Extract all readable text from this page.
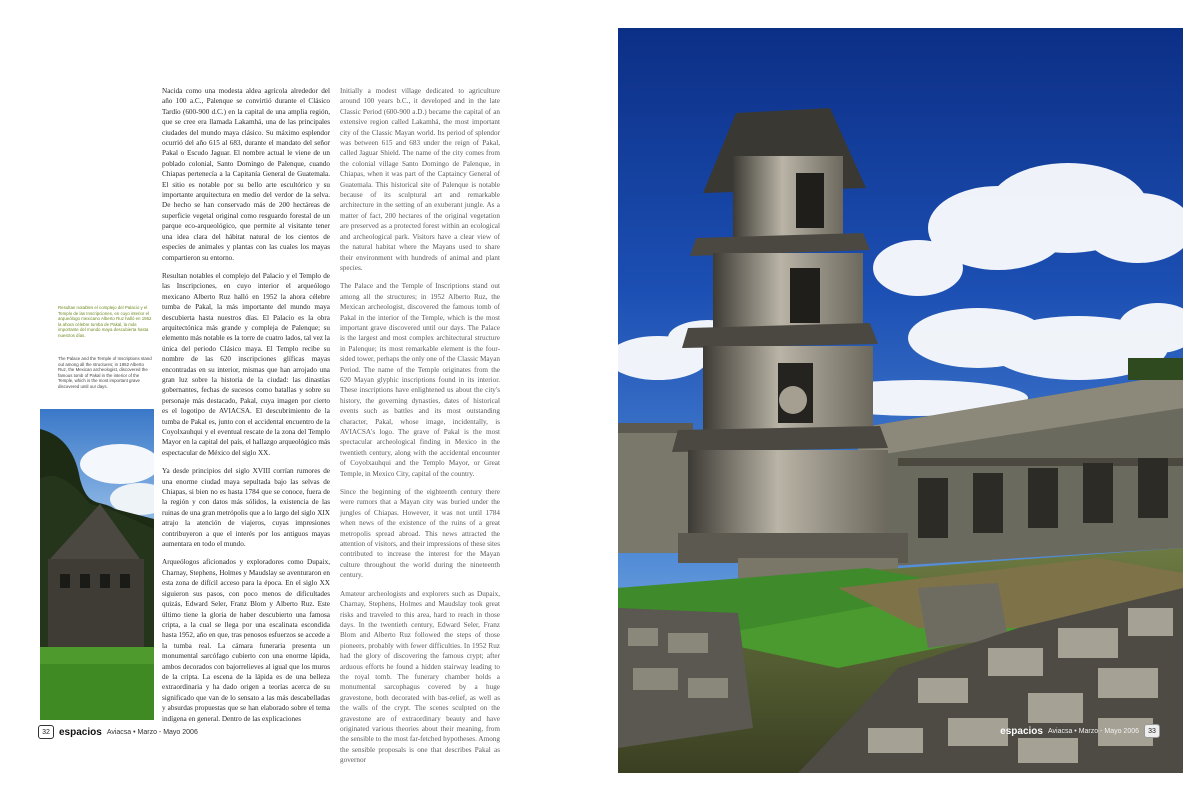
Nacida como una modesta aldea agrícola alrededor del año 100 a.C., Palenque se convirtió durante el Clásico Tardío (600-900 d.C.) en la capital de una amplia región, que se cree era llamada Lakamhá, una de las principales ciudades del mundo maya clásico. Su máximo esplendor ocurrió del año 615 al 683, durante el mandato del señor Pakal o Escudo Jaguar. El nombre actual le viene de un poblado colonial, Santo Domingo de Palenque, cuando Chiapas pertenecía a la Capitanía General de Guatemala. El sitio es notable por su bello arte escultórico y su importante arquitectura en medio del verdor de la selva. De hecho se han conservado más de 200 hectáreas de superficie vegetal original como resguardo forestal de un parque eco-arqueológico, que permite al visitante tener una idea clara del hábitat natural de los cientos de especies de animales y plantas con las cuales los mayas compartieron su entorno.

Resultan notables el complejo del Palacio y el Templo de las Inscripciones, en cuyo interior el arqueólogo mexicano Alberto Ruz halló en 1952 la ahora célebre tumba de Pakal, la más importante del mundo maya descubierta hasta nuestros días. El Palacio es la obra arquitectónica más grande y compleja de Palenque; su elemento más notable es la torre de cuatro lados, tal vez la única del periodo Clásico maya. El Templo recibe su nombre de las 620 inscripciones glíficas mayas encontradas en su interior, mismas que han arrojado una gran luz sobre la historia de la ciudad: las dinastías gobernantes, fechas de sucesos como batallas y sobre su personaje más destacado, Pakal, cuya imagen por cierto es el logotipo de AVIACSA. El descubrimiento de la tumba de Pakal es, junto con el accidental encuentro de la Coyolxauhqui y el eventual rescate de la zona del Templo Mayor en la capital del país, el hallazgo arqueológico más espectacular de México del siglo XX.

Ya desde principios del siglo XVIII corrían rumores de una enorme ciudad maya sepultada bajo las selvas de Chiapas, si bien no es hasta 1784 que se conoce, fuera de la región y con datos más sólidos, la existencia de las ruinas de una gran metrópolis que a lo largo del siglo XIX atrajo la atención de viajeros, cuyas impresiones contribuyeron a que el interés por los antiguos mayas aumentara en todo el mundo.

Arqueólogos aficionados y exploradores como Dupaix, Charnay, Stephens, Holmes y Maudslay se aventuraron en esta zona de difícil acceso para la época. En el siglo XX siguieron sus pasos, con poco menos de dificultades quizás, Edward Seler, Franz Blom y Alberto Ruz. Este último tiene la gloria de haber descubierto una famosa cripta, a la cual se llega por una escalinata escondida hasta 1952, año en que, tras penosos esfuerzos se accede a la tumba real. La cámara funeraria presenta un monumental sarcófago cubierto con una enorme lápida, ambos decorados con bajorrelieves al igual que los muros de la cripta. La escena de la lápida es de una belleza extraordinaria y ha dado origen a teorías acerca de su significado que van de lo sensato a las más descabelladas y absurdas propuestas que se han elaborado sobre el tema indígena en general. Dentro de las explicaciones

Initially a modest village dedicated to agriculture around 100 years b.C., it developed and in the late Classic Period (600-900 a.D.) became the capital of an extensive region called Lakamhá, the most important city of the Classic Mayan world. Its period of splendor was between 615 and 683 under the reign of Pakal, called Jaguar Shield. The name of the city comes from the colonial village Santo Domingo de Palenque, in Chiapas, when it was part of the Captaincy General of Guatemala. This historical site of Palenque is notable because of its sculptural art and remarkable architecture in the setting of an exuberant jungle. As a matter of fact, 200 hectares of the original vegetation are preserved as a protected forest within an ecological and archeological park. Visitors have a clear view of the natural habitat where the Mayans used to share their environment with hundreds of animal and plant species.

The Palace and the Temple of Inscriptions stand out among all the structures; in 1952 Alberto Ruz, the Mexican archeologist, discovered the famous tomb of Pakal in the interior of the Temple, which is the most important grave discovered until our days. The Palace is the largest and most complex architectural structure in Palenque; its most remarkable element is the four-sided tower, perhaps the only one of the Classic Mayan Period. The name of the Temple originates from the 620 Mayan glyphic inscriptions found in its interior. These inscriptions have enlightened us about the city's history, the governing dynasties, dates of historical events such as battles and its most outstanding character, Pakal, whose image, incidentally, is AVIACSA's logo. The grave of Pakal is the most spectacular archeological finding in Mexico in the twentieth century, along with the accidental encounter of Coyolxauhqui and the Templo Mayor, or Great Temple, in Mexico City, capital of the country.

Since the beginning of the eighteenth century there were rumors that a Mayan city was buried under the jungles of Chiapas. However, it was not until 1784 when news of the existence of the ruins of a great metropolis spread abroad. This news attracted the attention of visitors, and their impressions of these sites contributed to increase the interest for the Mayan culture throughout the world during the nineteenth century.

Amateur archeologists and explorers such as Dupaix, Charnay, Stephens, Holmes and Maudslay took great risks and traveled to this area, hard to reach in those days. In the twentieth century, Edward Seler, Franz Blom and Alberto Ruz followed the steps of those pioneers, probably with fewer difficulties. In 1952 Ruz had the glory of discovering the famous crypt; after arduous efforts he found a hidden stairway leading to the royal tomb. The funerary chamber holds a monumental sarcophagus covered by a huge gravestone, both decorated with bas-relief, as well as the walls of the crypt. The scenes sculpted on the gravestone are of extraordinary beauty and have originated various theories about their meaning, from the sensible to the most far-fetched hypotheses. Among the sensible proposals is one that describes Pakal as governor

Resultan notables el complejo del Palacio y el Templo de las Inscripciones, en cuyo interior el arqueólogo mexicano Alberto Ruz halló en 1952 la ahora célebre tumba de Pakal, la más importante del mundo maya descubierta hasta nuestros días.
The Palace and the Temple of Inscriptions stand out among all the structures; in 1952 Alberto Ruz, the Mexican archeologist, discovered the famous tomb of Pakal in the interior of the Temple, which is the most important grave discovered until our days.
32 espacios Aviacsa • Marzo - Mayo 2006	espacios Aviacsa • Marzo - Mayo 2006	33
